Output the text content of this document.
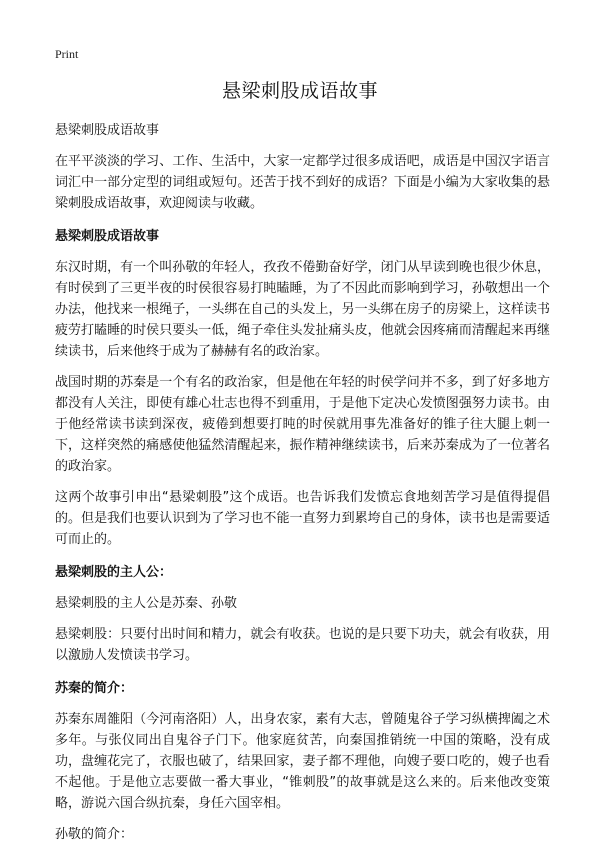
Print
悬梁刺股成语故事

悬梁刺股成语故事

在平平淡淡的学习、工作、生活中，大家一定都学过很多成语吧，成语是中国汉字语言词汇中一部分定型的词组或短句。还苦于找不到好的成语？下面是小编为大家收集的悬梁刺股成语故事，欢迎阅读与收藏。

悬梁刺股成语故事

东汉时期，有一个叫孙敬的年轻人，孜孜不倦勤奋好学，闭门从早读到晚也很少休息，有时侯到了三更半夜的时侯很容易打盹瞌睡，为了不因此而影响到学习，孙敬想出一个办法，他找来一根绳子，一头绑在自己的头发上，另一头绑在房子的房梁上，这样读书疲劳打瞌睡的时侯只要头一低，绳子牵住头发扯痛头皮，他就会因疼痛而清醒起来再继续读书，后来他终于成为了赫赫有名的政治家。

战国时期的苏秦是一个有名的政治家，但是他在年轻的时侯学问并不多，到了好多地方都没有人关注，即使有雄心壮志也得不到重用，于是他下定决心发愤图强努力读书。由于他经常读书读到深夜，疲倦到想要打盹的时侯就用事先准备好的锥子往大腿上刺一下，这样突然的痛感使他猛然清醒起来，振作精神继续读书，后来苏秦成为了一位著名的政治家。

这两个故事引申出“悬梁刺股”这个成语。也告诉我们发愤忘食地刻苦学习是值得提倡的。但是我们也要认识到为了学习也不能一直努力到累垮自己的身体，读书也是需要适可而止的。

悬梁刺股的主人公：

悬梁刺股的主人公是苏秦、孙敬

悬梁刺股：只要付出时间和精力，就会有收获。也说的是只要下功夫，就会有收获，用以激励人发愤读书学习。

苏秦的简介：

苏秦东周雒阳（今河南洛阳）人，出身农家，素有大志，曾随鬼谷子学习纵横捭阖之术多年。与张仪同出自鬼谷子门下。他家庭贫苦，向秦国推销统一中国的策略，没有成功，盘缠花完了，衣服也破了，结果回家，妻子都不理他，向嫂子要口吃的，嫂子也看不起他。于是他立志要做一番大事业，“锥刺股”的故事就是这么来的。后来他改变策略，游说六国合纵抗秦，身任六国宰相。

孙敬的简介：
